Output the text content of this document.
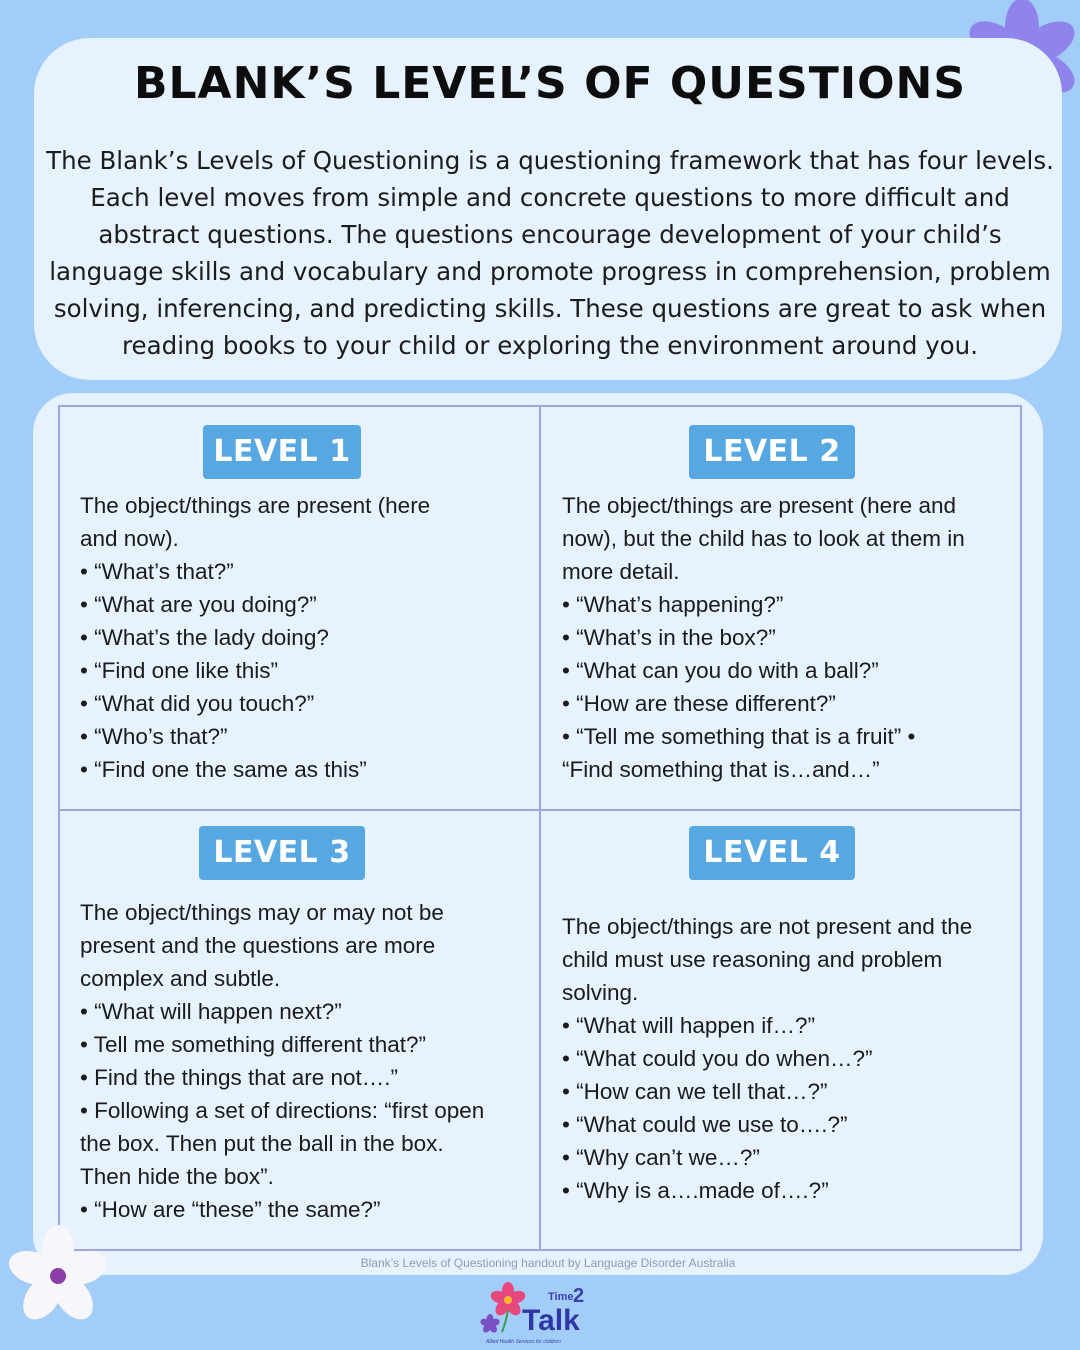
BLANK’S LEVEL’S OF QUESTIONS

The Blank’s Levels of Questioning is a questioning framework that has four levels. Each level moves from simple and concrete questions to more difficult and abstract questions. The questions encourage development of your child’s language skills and vocabulary and promote progress in comprehension, problem solving, inferencing, and predicting skills. These questions are great to ask when reading books to your child or exploring the environment around you.

LEVEL 1
The object/things are present (here
and now).
• “What’s that?”
• “What are you doing?”
• “What’s the lady doing?
• “Find one like this”
• “What did you touch?”
• “Who’s that?”
• “Find one the same as this”
LEVEL 2
The object/things are present (here and
now), but the child has to look at them in
more detail.
• “What’s happening?”
• “What’s in the box?”
• “What can you do with a ball?”
• “How are these different?”
• “Tell me something that is a fruit” •
“Find something that is…and…”
LEVEL 3
The object/things may or may not be
present and the questions are more
complex and subtle.
• “What will happen next?”
• Tell me something different that?”
• Find the things that are not….”
• Following a set of directions: “first open
the box. Then put the ball in the box.
Then hide the box”.
• “How are “these” the same?”
LEVEL 4
The object/things are not present and the
child must use reasoning and problem
solving.
• “What will happen if…?”
• “What could you do when…?”
• “How can we tell that…?”
• “What could we use to….?”
• “Why can’t we…?”
• “Why is a….made of….?”
Blank’s Levels of Questioning handout by Language Disorder Australia
Time 2
Talk
Allied Health Services for children
